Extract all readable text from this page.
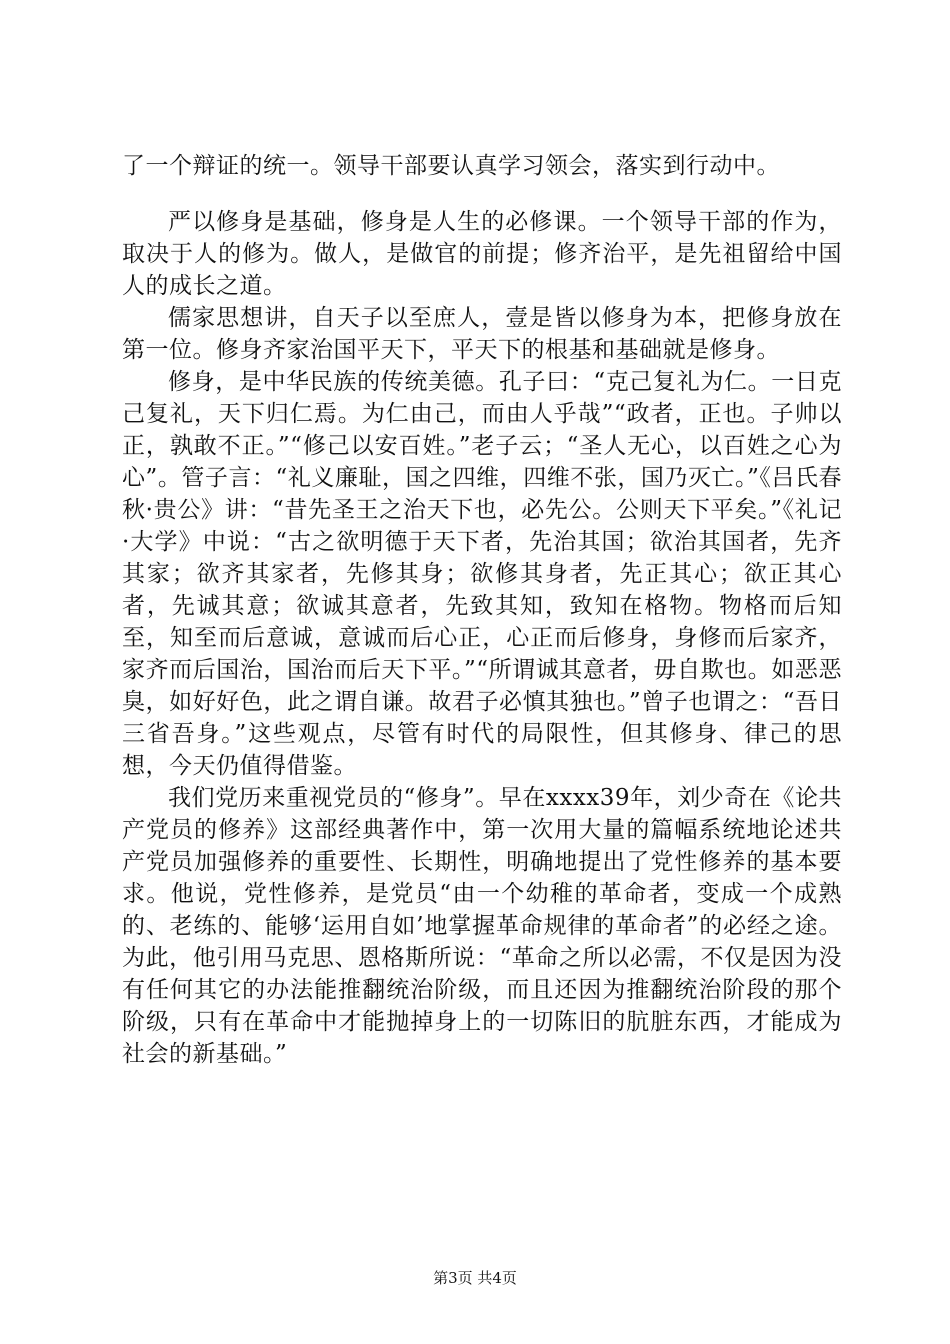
了一个辩证的统一。领导干部要认真学习领会，落实到行动中。

严以修身是基础，修身是人生的必修课。一个领导干部的作为，取决于人的修为。做人，是做官的前提；修齐治平，是先祖留给中国人的成长之道。

儒家思想讲，自天子以至庶人，壹是皆以修身为本，把修身放在第一位。修身齐家治国平天下，平天下的根基和基础就是修身。

修身，是中华民族的传统美德。孔子曰：“克己复礼为仁。一日克己复礼，天下归仁焉。为仁由己，而由人乎哉”“政者，正也。子帅以正，孰敢不正。”“修己以安百姓。”老子云；“圣人无心，以百姓之心为心”。管子言：“礼义廉耻，国之四维，四维不张，国乃灭亡。”《吕氏春秋·贵公》讲：“昔先圣王之治天下也，必先公。公则天下平矣。”《礼记·大学》中说：“古之欲明德于天下者，先治其国；欲治其国者，先齐其家；欲齐其家者，先修其身；欲修其身者，先正其心；欲正其心者，先诚其意；欲诚其意者，先致其知，致知在格物。物格而后知至，知至而后意诚，意诚而后心正，心正而后修身，身修而后家齐，家齐而后国治，国治而后天下平。”“所谓诚其意者，毋自欺也。如恶恶臭，如好好色，此之谓自谦。故君子必慎其独也。”曾子也谓之：“吾日三省吾身。”这些观点，尽管有时代的局限性，但其修身、律己的思想，今天仍值得借鉴。

我们党历来重视党员的“修身”。早在xxxx39年，刘少奇在《论共产党员的修养》这部经典著作中，第一次用大量的篇幅系统地论述共产党员加强修养的重要性、长期性，明确地提出了党性修养的基本要求。他说，党性修养，是党员“由一个幼稚的革命者，变成一个成熟的、老练的、能够‘运用自如’地掌握革命规律的革命者”的必经之途。为此，他引用马克思、恩格斯所说：“革命之所以必需，不仅是因为没有任何其它的办法能推翻统治阶级，而且还因为推翻统治阶段的那个阶级，只有在革命中才能抛掉身上的一切陈旧的肮脏东西，才能成为社会的新基础。”

第3页 共4页
